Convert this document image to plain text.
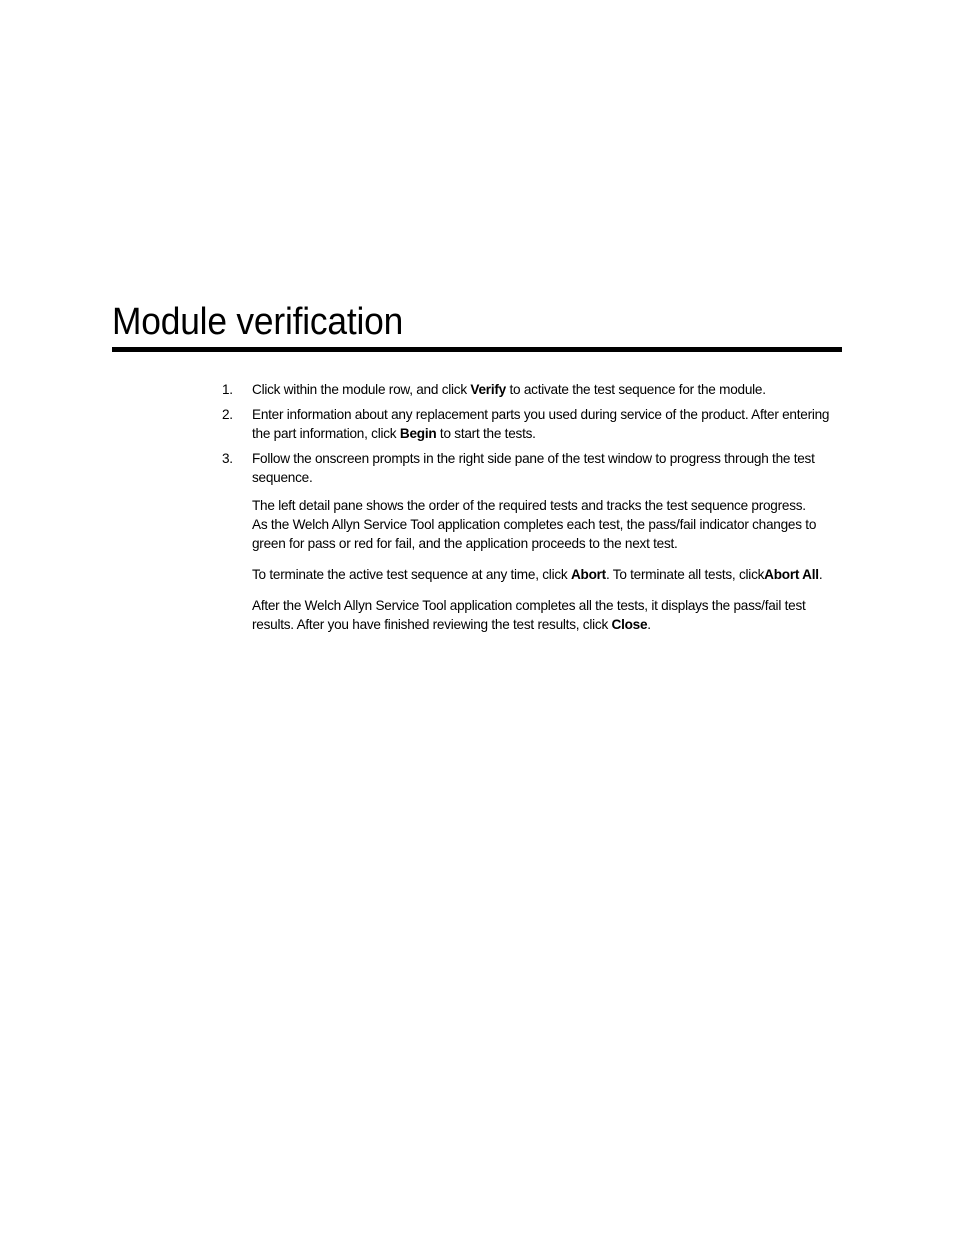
Module verification
1.	Click within the module row, and click Verify to activate the test sequence for the module.
2.	Enter information about any replacement parts you used during service of the product. After entering the part information, click Begin to start the tests.
3.	Follow the onscreen prompts in the right side pane of the test window to progress through the test sequence.
The left detail pane shows the order of the required tests and tracks the test sequence progress.
As the Welch Allyn Service Tool application completes each test, the pass/fail indicator changes to green for pass or red for fail, and the application proceeds to the next test.
To terminate the active test sequence at any time, click Abort. To terminate all tests, clickAbort All.
After the Welch Allyn Service Tool application completes all the tests, it displays the pass/fail test results. After you have finished reviewing the test results, click Close.
